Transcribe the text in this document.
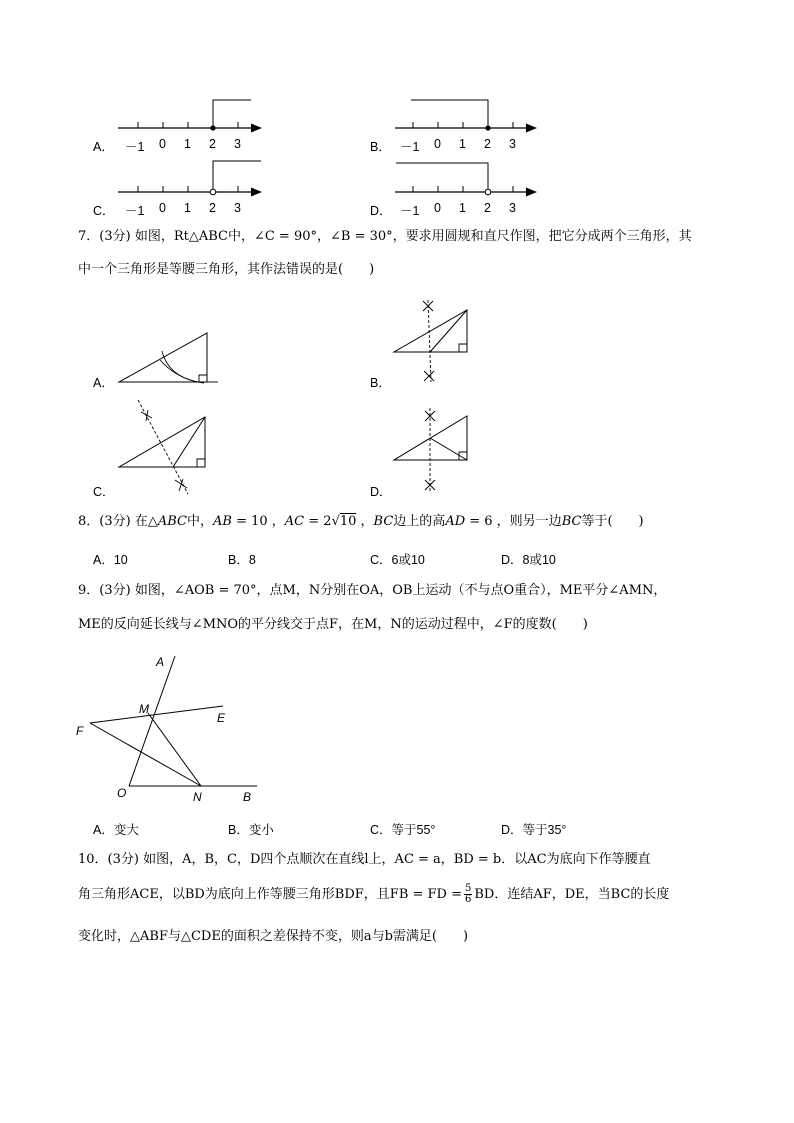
A． －1 0 1 2 3	B． －1 0 1 2 3
C． －1 0 1 2 3	D． －1 0 1 2 3
7．(3分) 如图，Rt△ABC中，∠C = 90°，∠B = 30°，要求用圆规和直尺作图，把它分成两个三角形，其
中一个三角形是等腰三角形，其作法错误的是(　　)
A．	B．
C．	D．
8．(3分) 在△ABC中，AB = 10 ，AC = 2√10 ，BC边上的高AD = 6 ，则另一边BC等于(　　)
A．10	B．8	C．6或10	D．8或10
9．(3分) 如图，∠AOB = 70°，点M，N分别在OA，OB上运动（不与点O重合），ME平分∠AMN，
ME的反向延长线与∠MNO的平分线交于点F，在M，N的运动过程中，∠F的度数(　　)
A
M
E
F
O	N	B
A．变大	B．变小	C．等于55°	D．等于35°
10．(3分) 如图，A，B，C，D四个点顺次在直线l上，AC = a，BD = b．以AC为底向下作等腰直
角三角形ACE，以BD为底向上作等腰三角形BDF，且FB = FD = $\frac{5}{6}$ BD．连结AF，DE，当BC的长度
变化时，△ABF与△CDE的面积之差保持不变，则a与b需满足(　　)
